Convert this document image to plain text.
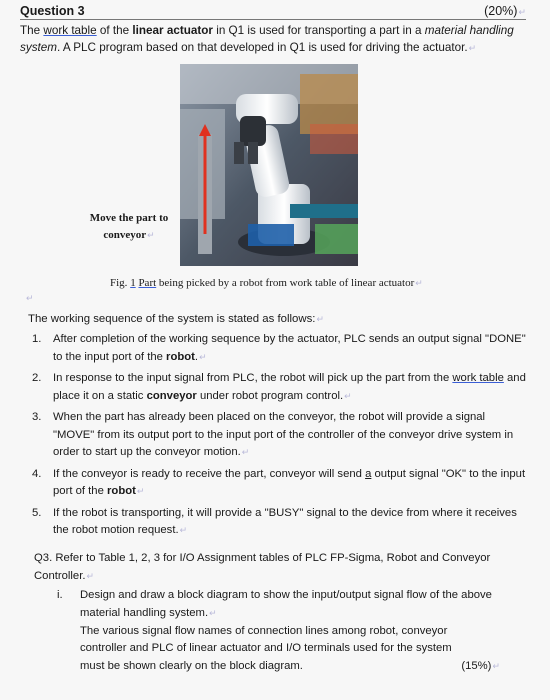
Question 3	(20%)↵
The work table of the linear actuator in Q1 is used for transporting a part in a material handling system. A PLC program based on that developed in Q1 is used for driving the actuator.↵
Move the part to conveyor↵
Fig. 1 Part being picked by a robot from work table of linear actuator↵
↵
The working sequence of the system is stated as follows:↵
1. After completion of the working sequence by the actuator, PLC sends an output signal "DONE" to the input port of the robot.↵
2. In response to the input signal from PLC, the robot will pick up the part from the work table and place it on a static conveyor under robot program control.↵
3. When the part has already been placed on the conveyor, the robot will provide a signal "MOVE" from its output port to the input port of the controller of the conveyor drive system in order to start up the conveyor motion.↵
4. If the conveyor is ready to receive the part, conveyor will send a output signal "OK" to the input port of the robot↵
5. If the robot is transporting, it will provide a "BUSY" signal to the device from where it receives the robot motion request.↵
Q3. Refer to Table 1, 2, 3 for I/O Assignment tables of PLC FP-Sigma, Robot and Conveyor Controller.↵
i. Design and draw a block diagram to show the input/output signal flow of the above material handling system.↵
The various signal flow names of connection lines among robot, conveyor controller and PLC of linear actuator and I/O terminals used for the system must be shown clearly on the block diagram.	(15%)↵
